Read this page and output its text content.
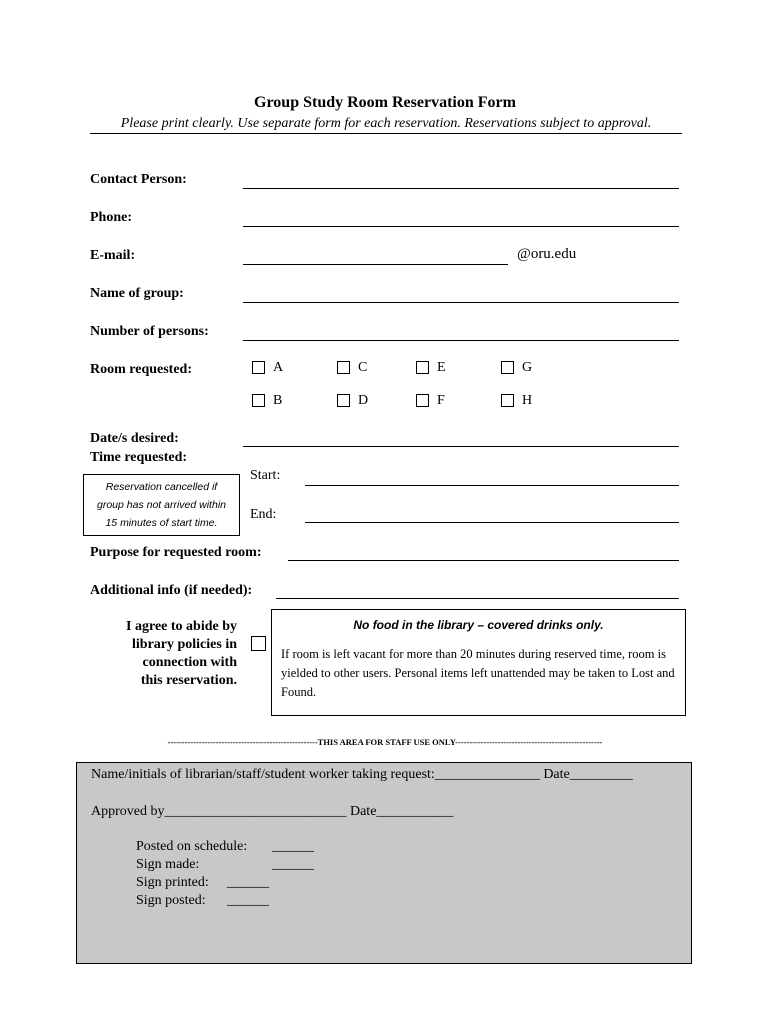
Group Study Room Reservation Form
Please print clearly. Use separate form for each reservation. Reservations subject to approval.
Contact Person:
Phone:
E-mail:	@oru.edu
Name of group:
Number of persons:
Room requested:	A	C	E	G
B	D	F	H
Date/s desired:
Time requested:
Reservation cancelled if
group has not arrived within
15 minutes of start time.
Start:
End:
Purpose for requested room:
Additional info (if needed):
I agree to abide by
library policies in
connection with
this reservation.
No food in the library – covered drinks only.
If room is left vacant for more than 20 minutes during reserved time, room is yielded to other users. Personal items left unattended may be taken to Lost and Found.
-----------------------------------------------------THIS AREA FOR STAFF USE ONLY----------------------------------------------------
Name/initials of librarian/staff/student worker taking request:_______________ Date_________
Approved by__________________________ Date___________
Posted on schedule: ______
Sign made:	______
Sign printed: ______
Sign posted: ______
